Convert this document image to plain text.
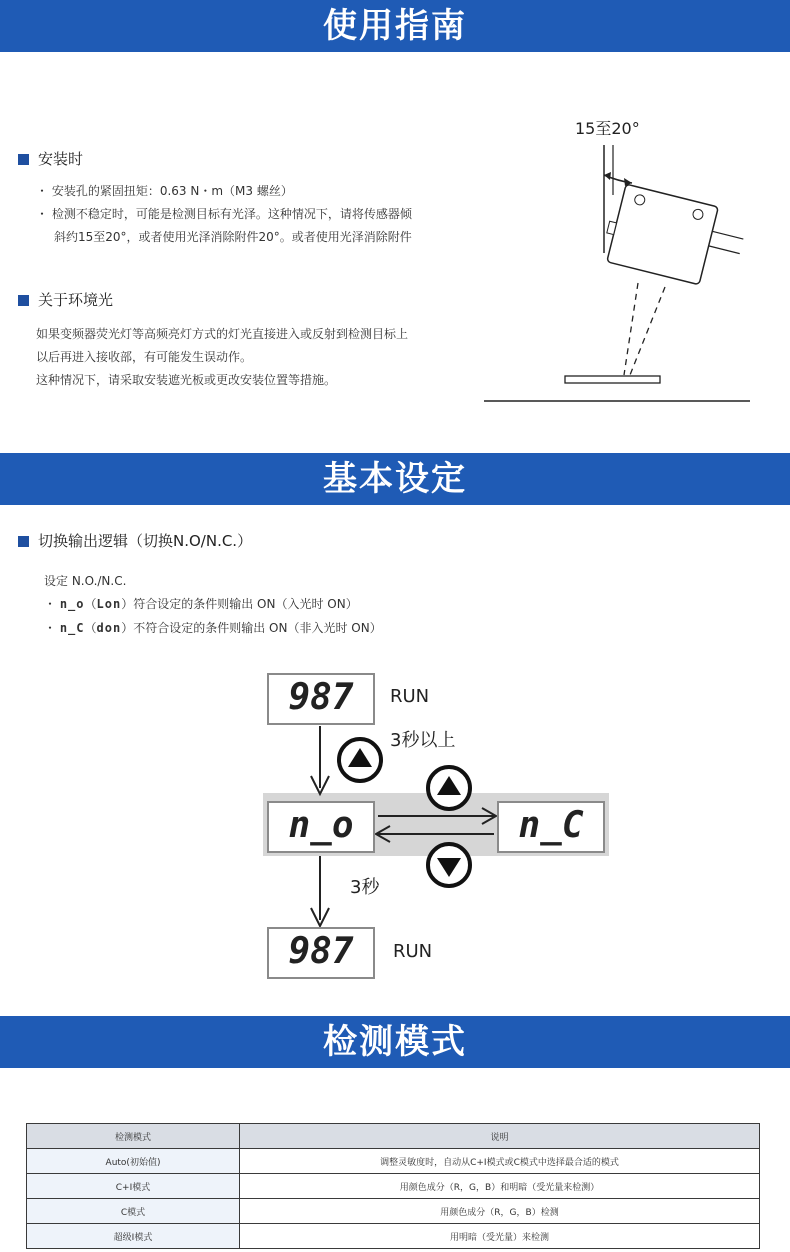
使用指南
安装时
・ 安装孔的紧固扭矩：0.63 N・m（M3 螺丝）
・ 检测不稳定时，可能是检测目标有光泽。这种情况下，请将传感器倾
斜约15至20°，或者使用光泽消除附件20°。或者使用光泽消除附件
关于环境光
如果变频器荧光灯等高频亮灯方式的灯光直接进入或反射到检测目标上
以后再进入接收部，有可能发生误动作。
这种情况下，请采取安装遮光板或更改安装位置等措施。
15至20°
基本设定
切换输出逻辑（切换N.O/N.C.）
设定 N.O./N.C.
・ n_o（Lon）符合设定的条件则输出 ON（入光时 ON）
・ n_C（don）不符合设定的条件则输出 ON（非入光时 ON）
987	RUN
3秒以上
n_o	n_C
3秒
987	RUN
检测模式
检测模式	说明
Auto(初始值)	调整灵敏度时，自动从C+I模式或C模式中选择最合适的模式
C+I模式	用颜色成分（R，G，B）和明暗（受光量来检测）
C模式	用颜色成分（R，G，B）检测
超级I模式	用明暗（受光量）来检测
